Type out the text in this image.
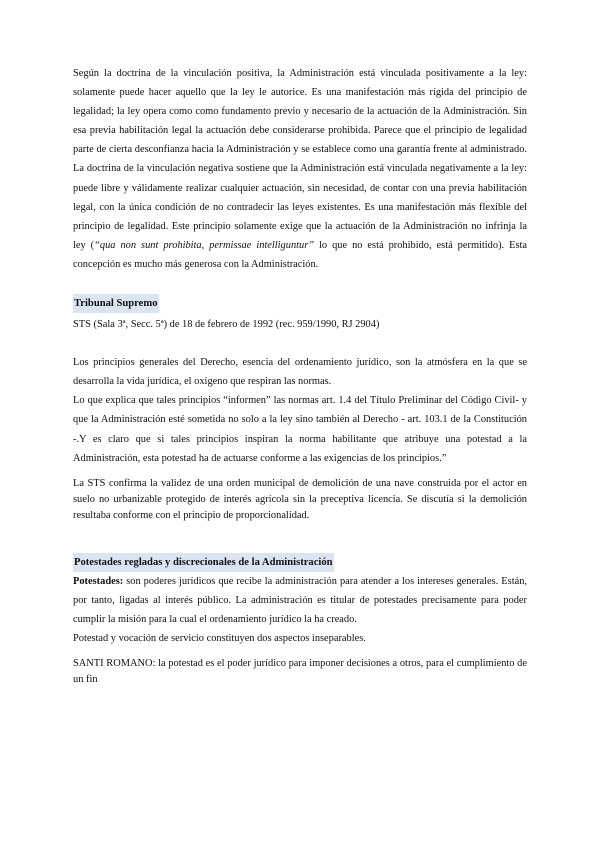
Según la doctrina de la vinculación positiva, la Administración está vinculada positivamente a la ley: solamente puede hacer aquello que la ley le autorice. Es una manifestación más rígida del principio de legalidad; la ley opera como como fundamento previo y necesario de la actuación de la Administración. Sin esa previa habilitación legal la actuación debe considerarse prohibida. Parece que el principio de legalidad parte de cierta desconfianza hacia la Administración y se establece como una garantía frente al administrado. La doctrina de la vinculación negativa sostiene que la Administración está vinculada negativamente a la ley: puede libre y válidamente realizar cualquier actuación, sin necesidad, de contar con una previa habilitación legal, con la única condición de no contradecir las leyes existentes. Es una manifestación más flexible del principio de legalidad. Este principio solamente exige que la actuación de la Administración no infrinja la ley (“qua non sunt prohibita, permissae intelliguntur” lo que no está prohibido, está permitido). Esta concepción es mucho más generosa con la Administración.

Tribunal Supremo

STS (Sala 3ª, Secc. 5ª) de 18 de febrero de 1992 (rec. 959/1990, RJ 2904)

Los principios generales del Derecho, esencia del ordenamiento jurídico, son la atmósfera en la que se desarrolla la vida jurídica, el oxígeno que respiran las normas.

Lo que explica que tales principios “informen” las normas art. 1.4 del Título Preliminar del Código Civil- y que la Administración esté sometida no solo a la ley sino también al Derecho - art. 103.1 de la Constitución -.Y es claro que si tales principios inspiran la norma habilitante que atribuye una potestad a la Administración, esta potestad ha de actuarse conforme a las exigencias de los principios.”

La STS confirma la validez de una orden municipal de demolición de una nave construida por el actor en suelo no urbanizable protegido de interés agrícola sin la preceptiva licencia. Se discutía si la demolición resultaba conforme con el principio de proporcionalidad.

Potestades regladas y discrecionales de la Administración

Potestades: son poderes jurídicos que recibe la administración para atender a los intereses generales. Están, por tanto, ligadas al interés público. La administración es titular de potestades precisamente para poder cumplir la misión para la cual el ordenamiento jurídico la ha creado.

Potestad y vocación de servicio constituyen dos aspectos inseparables.

SANTI ROMANO: la potestad es el poder jurídico para imponer decisiones a otros, para el cumplimiento de un fin
